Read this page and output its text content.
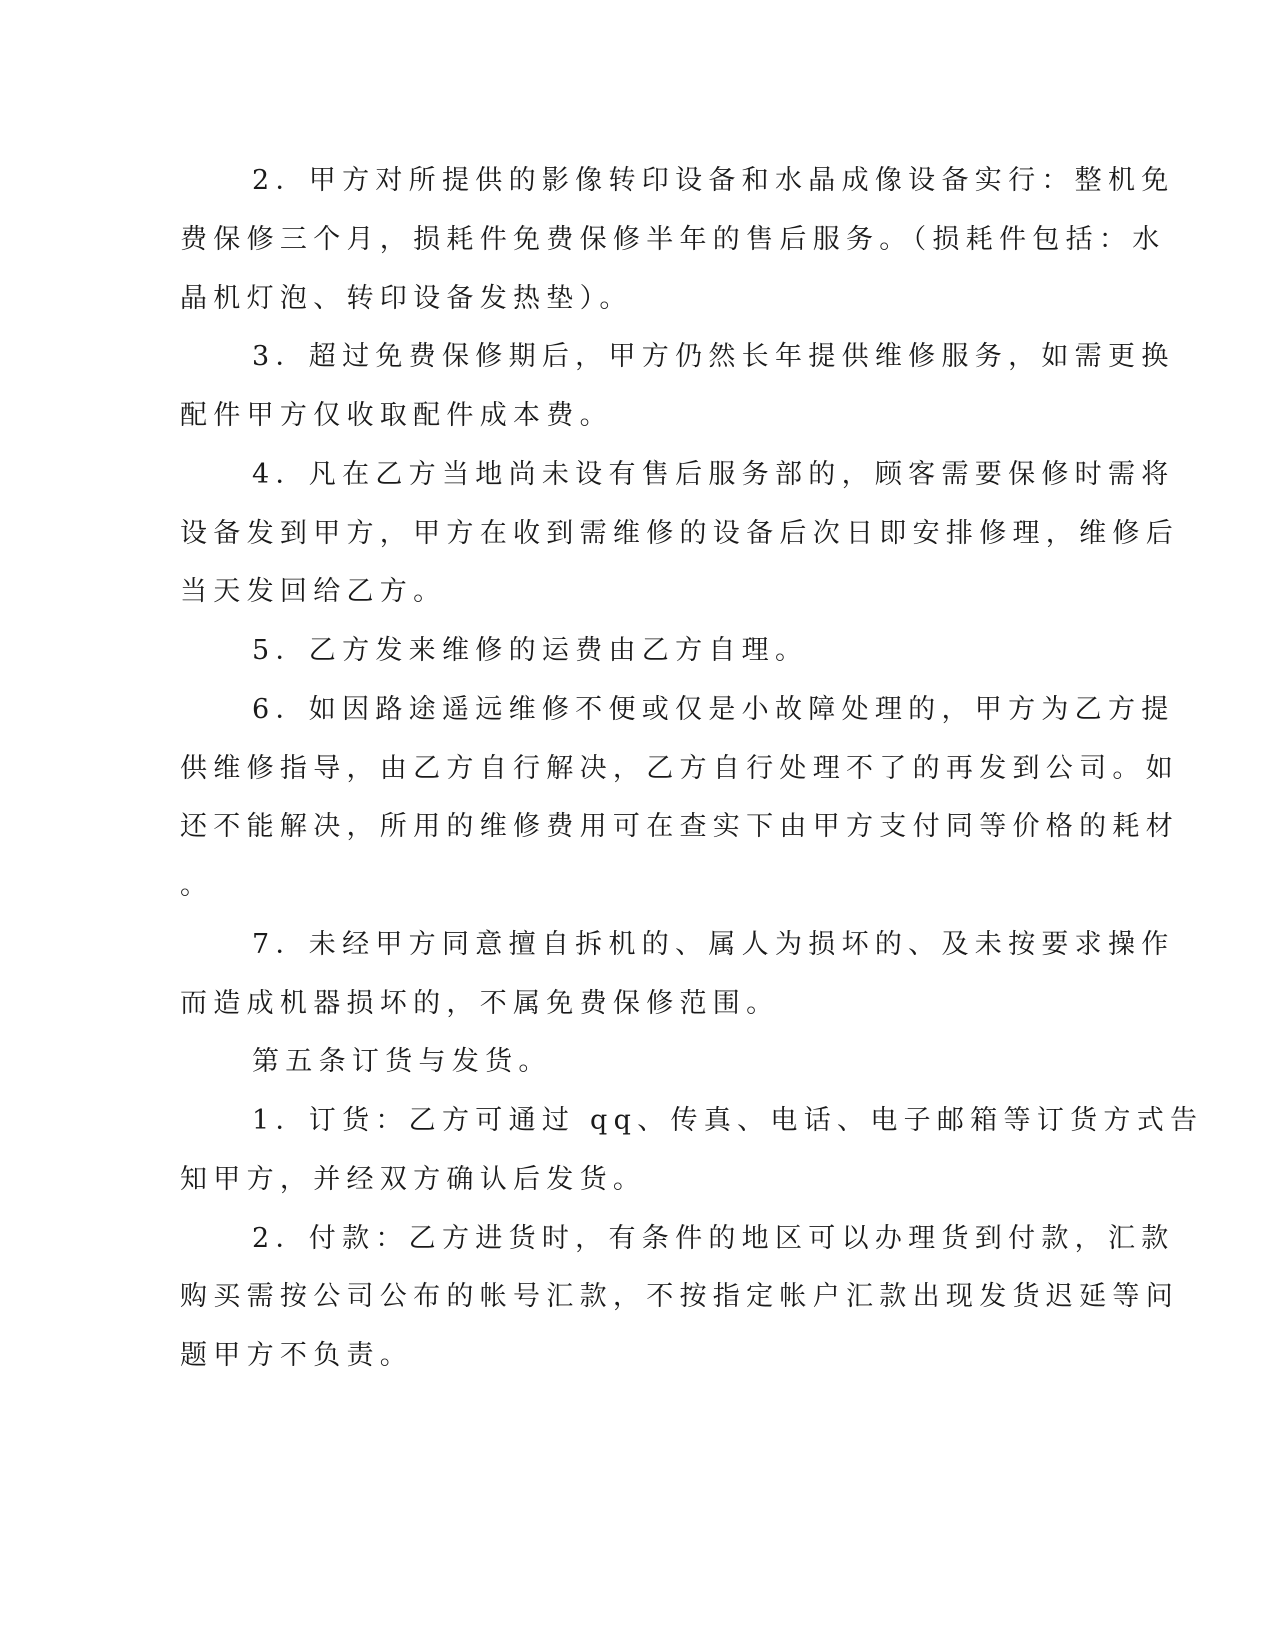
2．甲方对所提供的影像转印设备和水晶成像设备实行：整机免
费保修三个月，损耗件免费保修半年的售后服务。（损耗件包括：水
晶机灯泡、转印设备发热垫）。
3．超过免费保修期后，甲方仍然长年提供维修服务，如需更换
配件甲方仅收取配件成本费。
4．凡在乙方当地尚未设有售后服务部的，顾客需要保修时需将
设备发到甲方，甲方在收到需维修的设备后次日即安排修理，维修后
当天发回给乙方。
5．乙方发来维修的运费由乙方自理。
6．如因路途遥远维修不便或仅是小故障处理的，甲方为乙方提
供维修指导，由乙方自行解决，乙方自行处理不了的再发到公司。如
还不能解决，所用的维修费用可在查实下由甲方支付同等价格的耗材
。
7．未经甲方同意擅自拆机的、属人为损坏的、及未按要求操作
而造成机器损坏的，不属免费保修范围。
第五条订货与发货。
1．订货：乙方可通过 qq、传真、电话、电子邮箱等订货方式告
知甲方，并经双方确认后发货。
2．付款：乙方进货时，有条件的地区可以办理货到付款，汇款
购买需按公司公布的帐号汇款，不按指定帐户汇款出现发货迟延等问
题甲方不负责。
